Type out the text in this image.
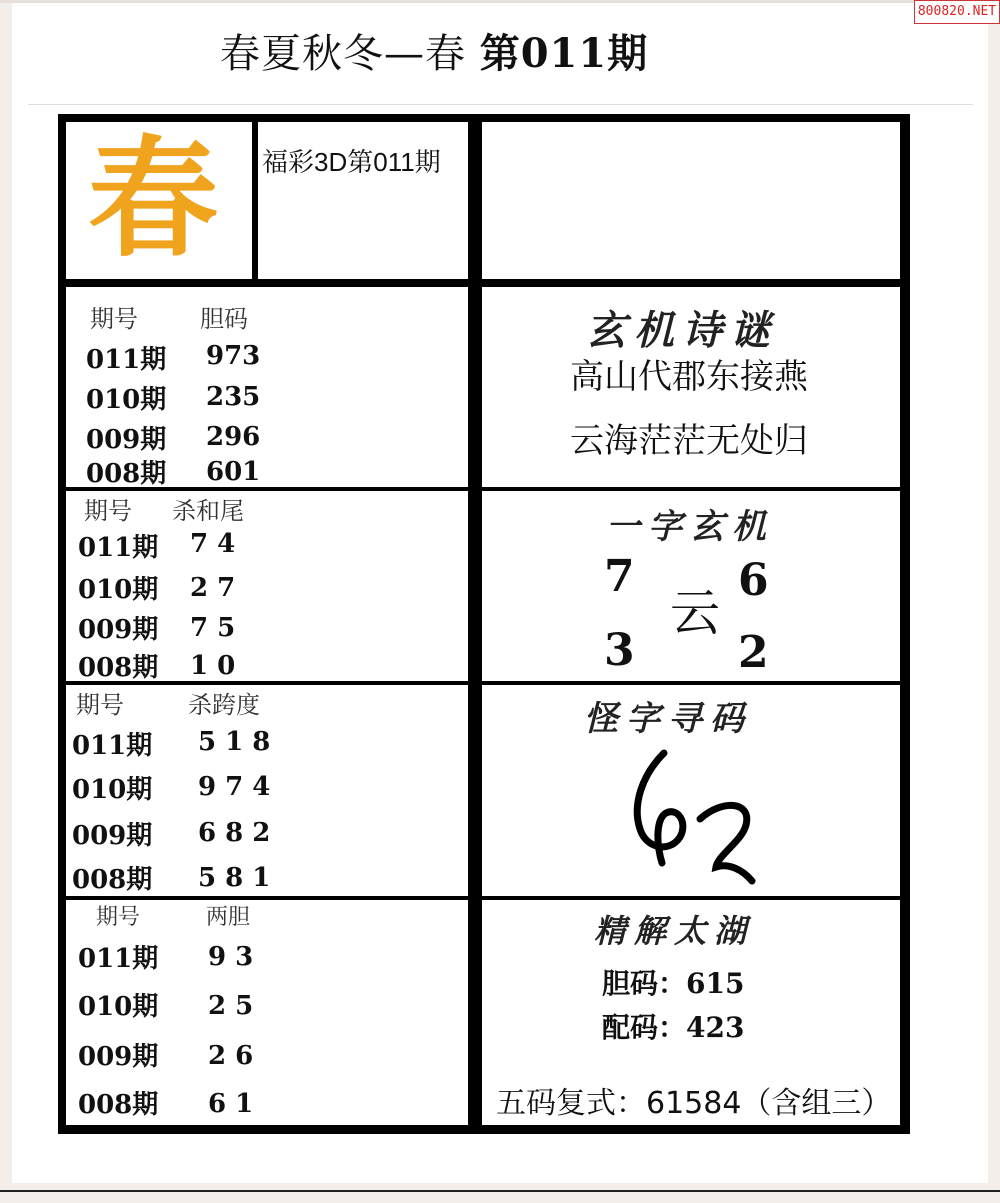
800820.NET
春夏秋冬—春 第011期
春 福彩3D第011期
期号	胆码
011期 973
010期 235
009期 296
008期 601
期号 杀和尾
011期 7 4
010期 2 7
009期 7 5
008期 1 0
期号	杀跨度
011期 5 1 8
010期 9 7 4
009期 6 8 2
008期 5 8 1
期号	两胆
011期 9 3
010期 2 5
009期 2 6
008期 6 1
玄机诗谜
高山代郡东接燕
云海茫茫无处归
一字玄机
7 6
云
3 2
怪字寻码
精解太湖
胆码：615
配码：423
五码复式：61584（含组三）
